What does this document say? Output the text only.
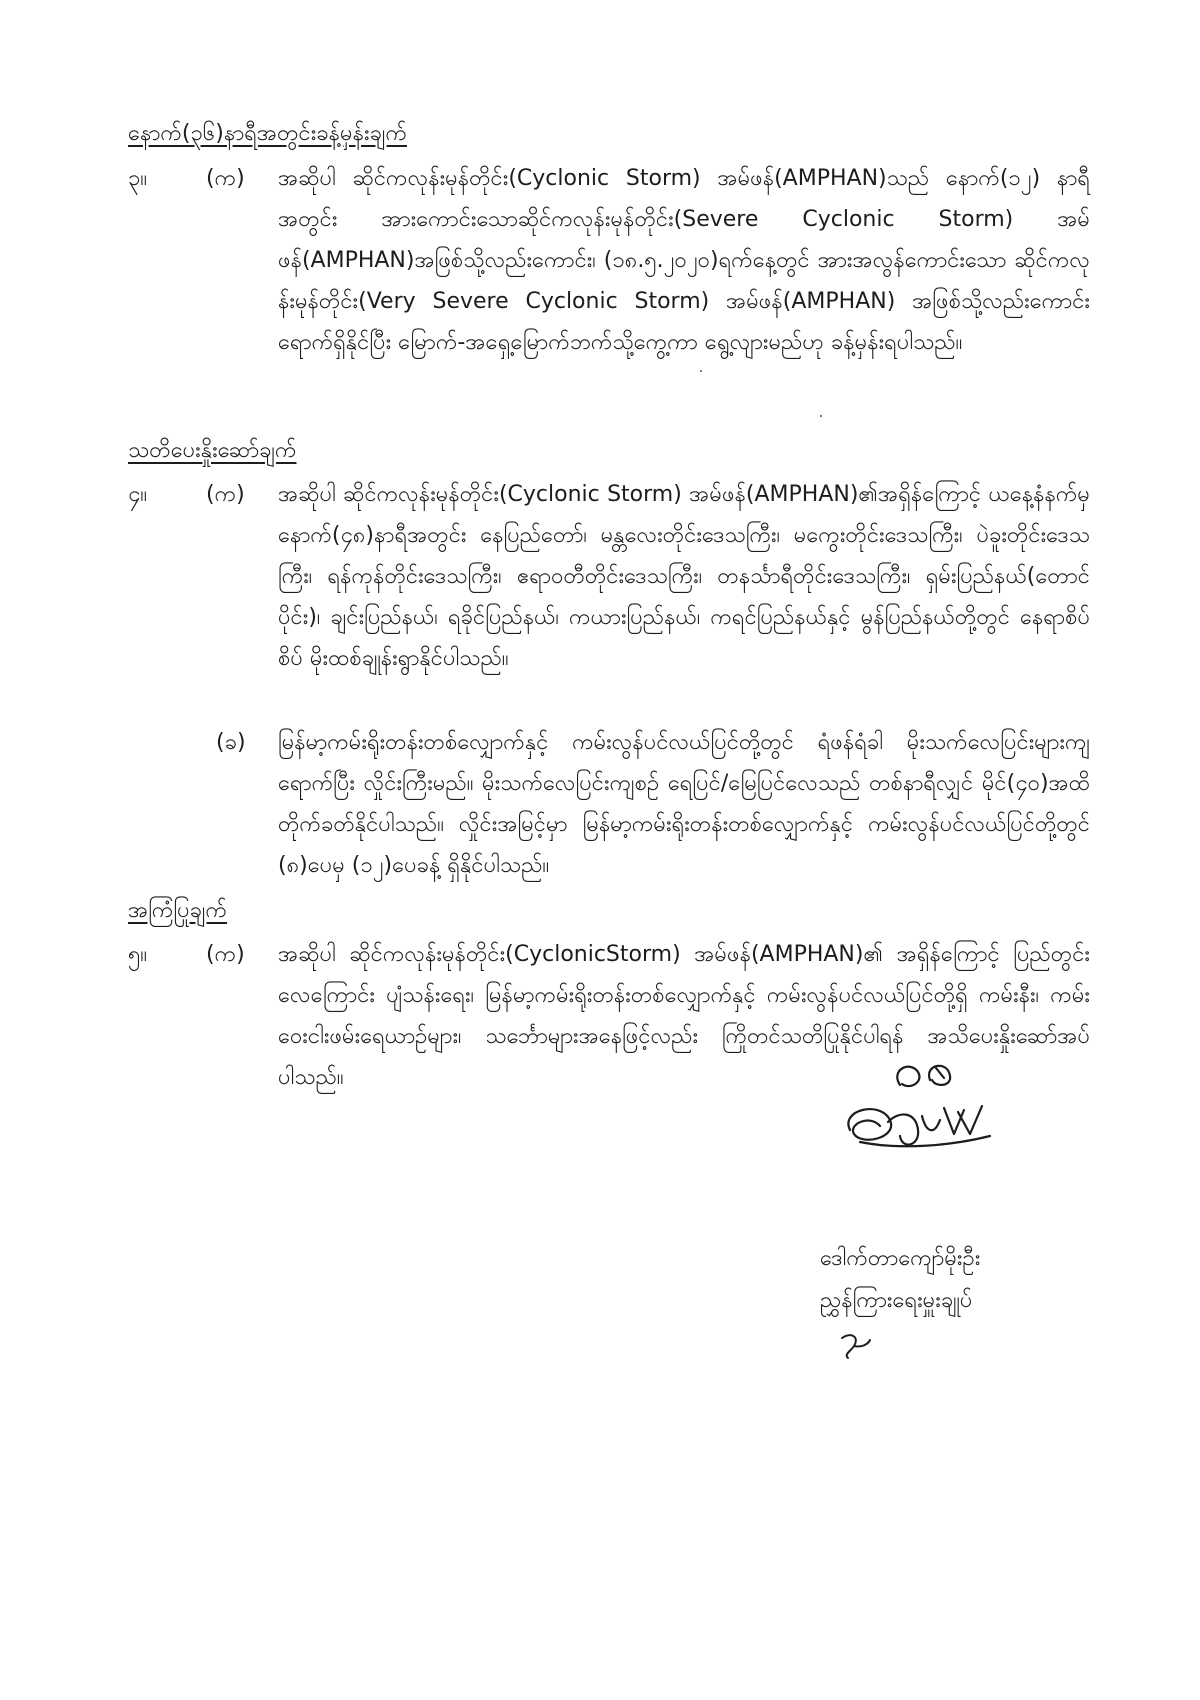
နောက်(၃၆)နာရီအတွင်းခန့်မှန်းချက်
၃။	(က)	အဆိုပါ ဆိုင်ကလုန်းမုန်တိုင်း(Cyclonic Storm) အမ်ဖန်(AMPHAN)သည် နောက်(၁၂) နာရီအတွင်း အားကောင်းသောဆိုင်ကလုန်းမုန်တိုင်း(Severe Cyclonic Storm) အမ်ဖန်(AMPHAN)အဖြစ်သို့လည်းကောင်း၊ (၁၈.၅.၂၀၂၀)ရက်နေ့တွင် အားအလွန်ကောင်းသော ဆိုင်ကလုန်းမုန်တိုင်း(Very Severe Cyclonic Storm) အမ်ဖန်(AMPHAN) အဖြစ်သို့လည်းကောင်း ရောက်ရှိနိုင်ပြီး မြောက်-အရှေ့မြောက်ဘက်သို့ကွေ့ကာ ရွေ့လျားမည်ဟု ခန့်မှန်းရပါသည်။
သတိပေးနှိုးဆော်ချက်
၄။	(က)	အဆိုပါ ဆိုင်ကလုန်းမုန်တိုင်း(Cyclonic Storm) အမ်ဖန်(AMPHAN)၏အရှိန်ကြောင့် ယနေ့နံနက်မှ နောက်(၄၈)နာရီအတွင်း နေပြည်တော်၊ မန္တလေးတိုင်းဒေသကြီး၊ မကွေးတိုင်းဒေသကြီး၊ ပဲခူးတိုင်းဒေသကြီး၊ ရန်ကုန်တိုင်းဒေသကြီး၊ ဧရာဝတီတိုင်းဒေသကြီး၊ တနင်္သာရီတိုင်းဒေသကြီး၊ ရှမ်းပြည်နယ်(တောင်ပိုင်း)၊ ချင်းပြည်နယ်၊ ရခိုင်ပြည်နယ်၊ ကယားပြည်နယ်၊ ကရင်ပြည်နယ်နှင့် မွန်ပြည်နယ်တို့တွင် နေရာစိပ်စိပ် မိုးထစ်ချုန်းရွာနိုင်ပါသည်။
(ခ)	မြန်မာ့ကမ်းရိုးတန်းတစ်လျှောက်နှင့် ကမ်းလွန်ပင်လယ်ပြင်တို့တွင် ရံဖန်ရံခါ မိုးသက်လေပြင်းများကျရောက်ပြီး လှိုင်းကြီးမည်။ မိုးသက်လေပြင်းကျစဉ် ရေပြင်/မြေပြင်လေသည် တစ်နာရီလျှင် မိုင်(၄၀)အထိ တိုက်ခတ်နိုင်ပါသည်။ လှိုင်းအမြင့်မှာ မြန်မာ့ကမ်းရိုးတန်းတစ်လျှောက်နှင့် ကမ်းလွန်ပင်လယ်ပြင်တို့တွင် (၈)ပေမှ (၁၂)ပေခန့် ရှိနိုင်ပါသည်။
အကြံပြုချက်
၅။	(က)	အဆိုပါ ဆိုင်ကလုန်းမုန်တိုင်း(CyclonicStorm) အမ်ဖန်(AMPHAN)၏ အရှိန်ကြောင့် ပြည်တွင်းလေကြောင်း ပျံသန်းရေး၊ မြန်မာ့ကမ်းရိုးတန်းတစ်လျှောက်နှင့် ကမ်းလွန်ပင်လယ်ပြင်တို့ရှိ ကမ်းနီး၊ ကမ်းဝေးငါးဖမ်းရေယာဉ်များ၊ သင်္ဘောများအနေဖြင့်လည်း ကြိုတင်သတိပြုနိုင်ပါရန် အသိပေးနှိုးဆော်အပ်ပါသည်။
ဒေါက်တာကျော်မိုးဦး
ညွှန်ကြားရေးမှူးချုပ်
